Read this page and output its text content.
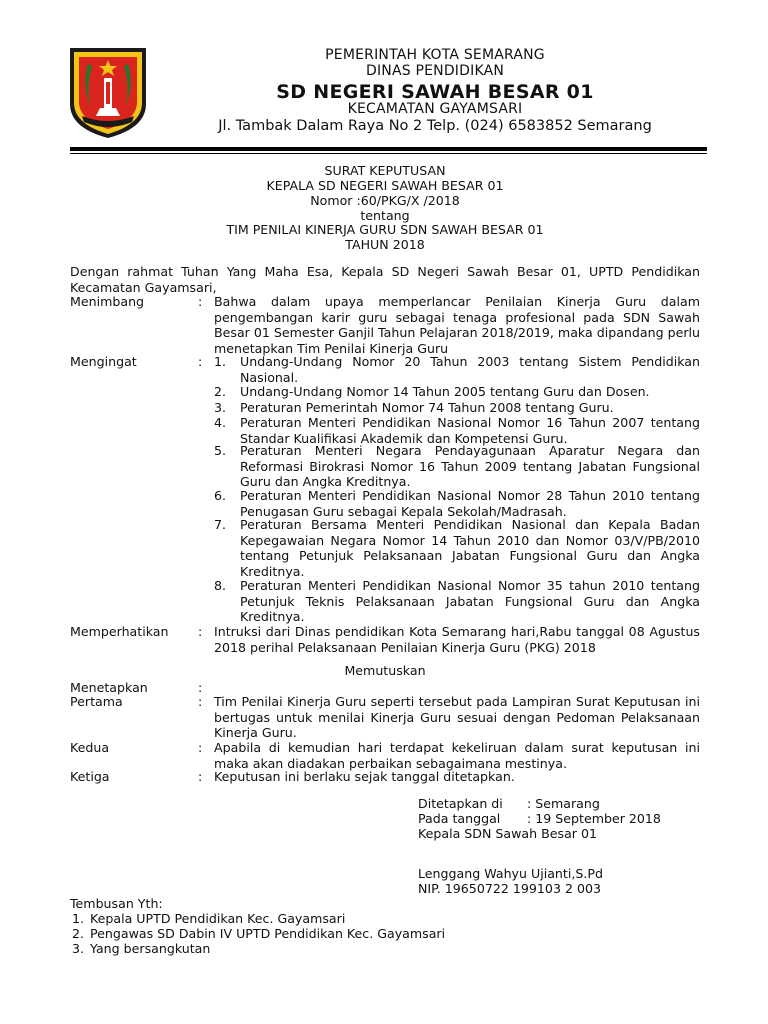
PEMERINTAH KOTA SEMARANG
DINAS PENDIDIKAN
SD NEGERI SAWAH BESAR 01
KECAMATAN GAYAMSARI
Jl. Tambak Dalam Raya No 2 Telp. (024) 6583852 Semarang
SURAT KEPUTUSAN
KEPALA SD NEGERI SAWAH BESAR 01
Nomor :60/PKG/X /2018
tentang
TIM PENILAI KINERJA GURU SDN SAWAH BESAR 01
TAHUN 2018
Dengan rahmat Tuhan Yang Maha Esa, Kepala SD Negeri Sawah Besar 01, UPTD Pendidikan Kecamatan Gayamsari,
Menimbang	: Bahwa dalam upaya memperlancar Penilaian Kinerja Guru dalam pengembangan karir guru sebagai tenaga profesional pada SDN Sawah Besar 01 Semester Ganjil Tahun Pelajaran 2018/2019, maka dipandang perlu menetapkan Tim Penilai Kinerja Guru
Mengingat	: 1.	Undang-Undang Nomor 20 Tahun 2003 tentang Sistem Pendidikan Nasional.
2.	Undang-Undang Nomor 14 Tahun 2005 tentang Guru dan Dosen.
3.	Peraturan Pemerintah Nomor 74 Tahun 2008 tentang Guru.
4.	Peraturan Menteri Pendidikan Nasional Nomor 16 Tahun 2007 tentang Standar Kualifikasi Akademik dan Kompetensi Guru.
5.	Peraturan Menteri Negara Pendayagunaan Aparatur Negara dan Reformasi Birokrasi Nomor 16 Tahun 2009 tentang Jabatan Fungsional Guru dan Angka Kreditnya.
6.	Peraturan Menteri Pendidikan Nasional Nomor 28 Tahun 2010 tentang Penugasan Guru sebagai Kepala Sekolah/Madrasah.
7.	Peraturan Bersama Menteri Pendidikan Nasional dan Kepala Badan Kepegawaian Negara Nomor 14 Tahun 2010 dan Nomor 03/V/PB/2010 tentang Petunjuk Pelaksanaan Jabatan Fungsional Guru dan Angka Kreditnya.
8.	Peraturan Menteri Pendidikan Nasional Nomor 35 tahun 2010 tentang Petunjuk Teknis Pelaksanaan Jabatan Fungsional Guru dan Angka Kreditnya.
Memperhatikan : Intruksi dari Dinas pendidikan Kota Semarang hari,Rabu tanggal 08 Agustus 2018 perihal Pelaksanaan Penilaian Kinerja Guru (PKG) 2018
Memutuskan
Menetapkan	:
Pertama	: Tim Penilai Kinerja Guru seperti tersebut pada Lampiran Surat Keputusan ini bertugas untuk menilai Kinerja Guru sesuai dengan Pedoman Pelaksanaan Kinerja Guru.
Kedua	: Apabila di kemudian hari terdapat kekeliruan dalam surat keputusan ini maka akan diadakan perbaikan sebagaimana mestinya.
Ketiga	: Keputusan ini berlaku sejak tanggal ditetapkan.
Ditetapkan di : Semarang
Pada tanggal : 19 September 2018
Kepala SDN Sawah Besar 01
Lenggang Wahyu Ujianti,S.Pd
NIP. 19650722 199103 2 003
Tembusan Yth:
1. Kepala UPTD Pendidikan Kec. Gayamsari
2. Pengawas SD Dabin IV UPTD Pendidikan Kec. Gayamsari
3. Yang bersangkutan
